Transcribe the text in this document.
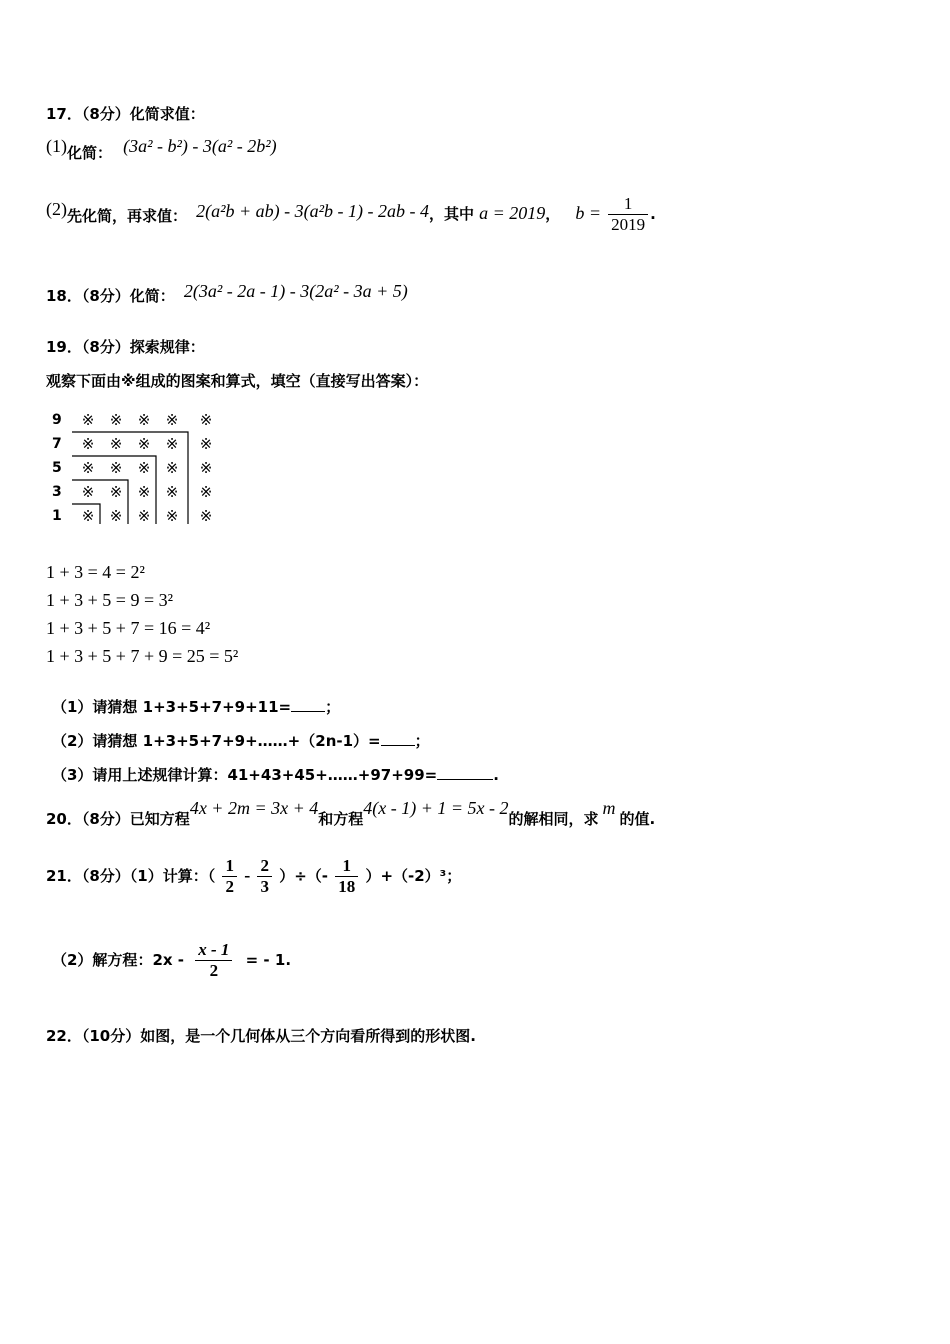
17．（8分）化简求值：
(1)化简： (3a² - b²) - 3(a² - 2b²)
(2)先化简，再求值： 2(a²b + ab) - 3(a²b - 1) - 2ab - 4，其中 a = 2019， $b = \frac{1}{2019}$ .
18．（8分）化简： 2(3a² - 2a - 1) - 3(2a² - 3a + 5)
19．（8分）探索规律：
观察下面由※组成的图案和算式，填空（直接写出答案）：
9
7
5
3
1
※ ※ ※ ※ ※
※ ※ ※ ※ ※
※ ※ ※ ※ ※
※ ※ ※ ※ ※
※ ※ ※ ※ ※
1 + 3 = 4 = 2²
1 + 3 + 5 = 9 = 3²
1 + 3 + 5 + 7 = 16 = 4²
1 + 3 + 5 + 7 + 9 = 25 = 5²
（1）请猜想 1+3+5+7+9+11= ；
（2）请猜想 1+3+5+7+9+……+（2n-1）= ；
（3）请用上述规律计算：41+43+45+……+97+99=	.
20．（8分）已知方程4x + 2m = 3x + 4和方程4(x - 1) + 1 = 5x - 2的解相同，求m的值.
21．（8分）（1）计算：（ $\frac{1}{2} - \frac{2}{3}$ ）÷（- $\frac{1}{18} )+(-2)^3$；
（2）解方程：$2x - \frac{x - 1}{2}$ = - 1.
22．（10分）如图，是一个几何体从三个方向看所得到的形状图.
